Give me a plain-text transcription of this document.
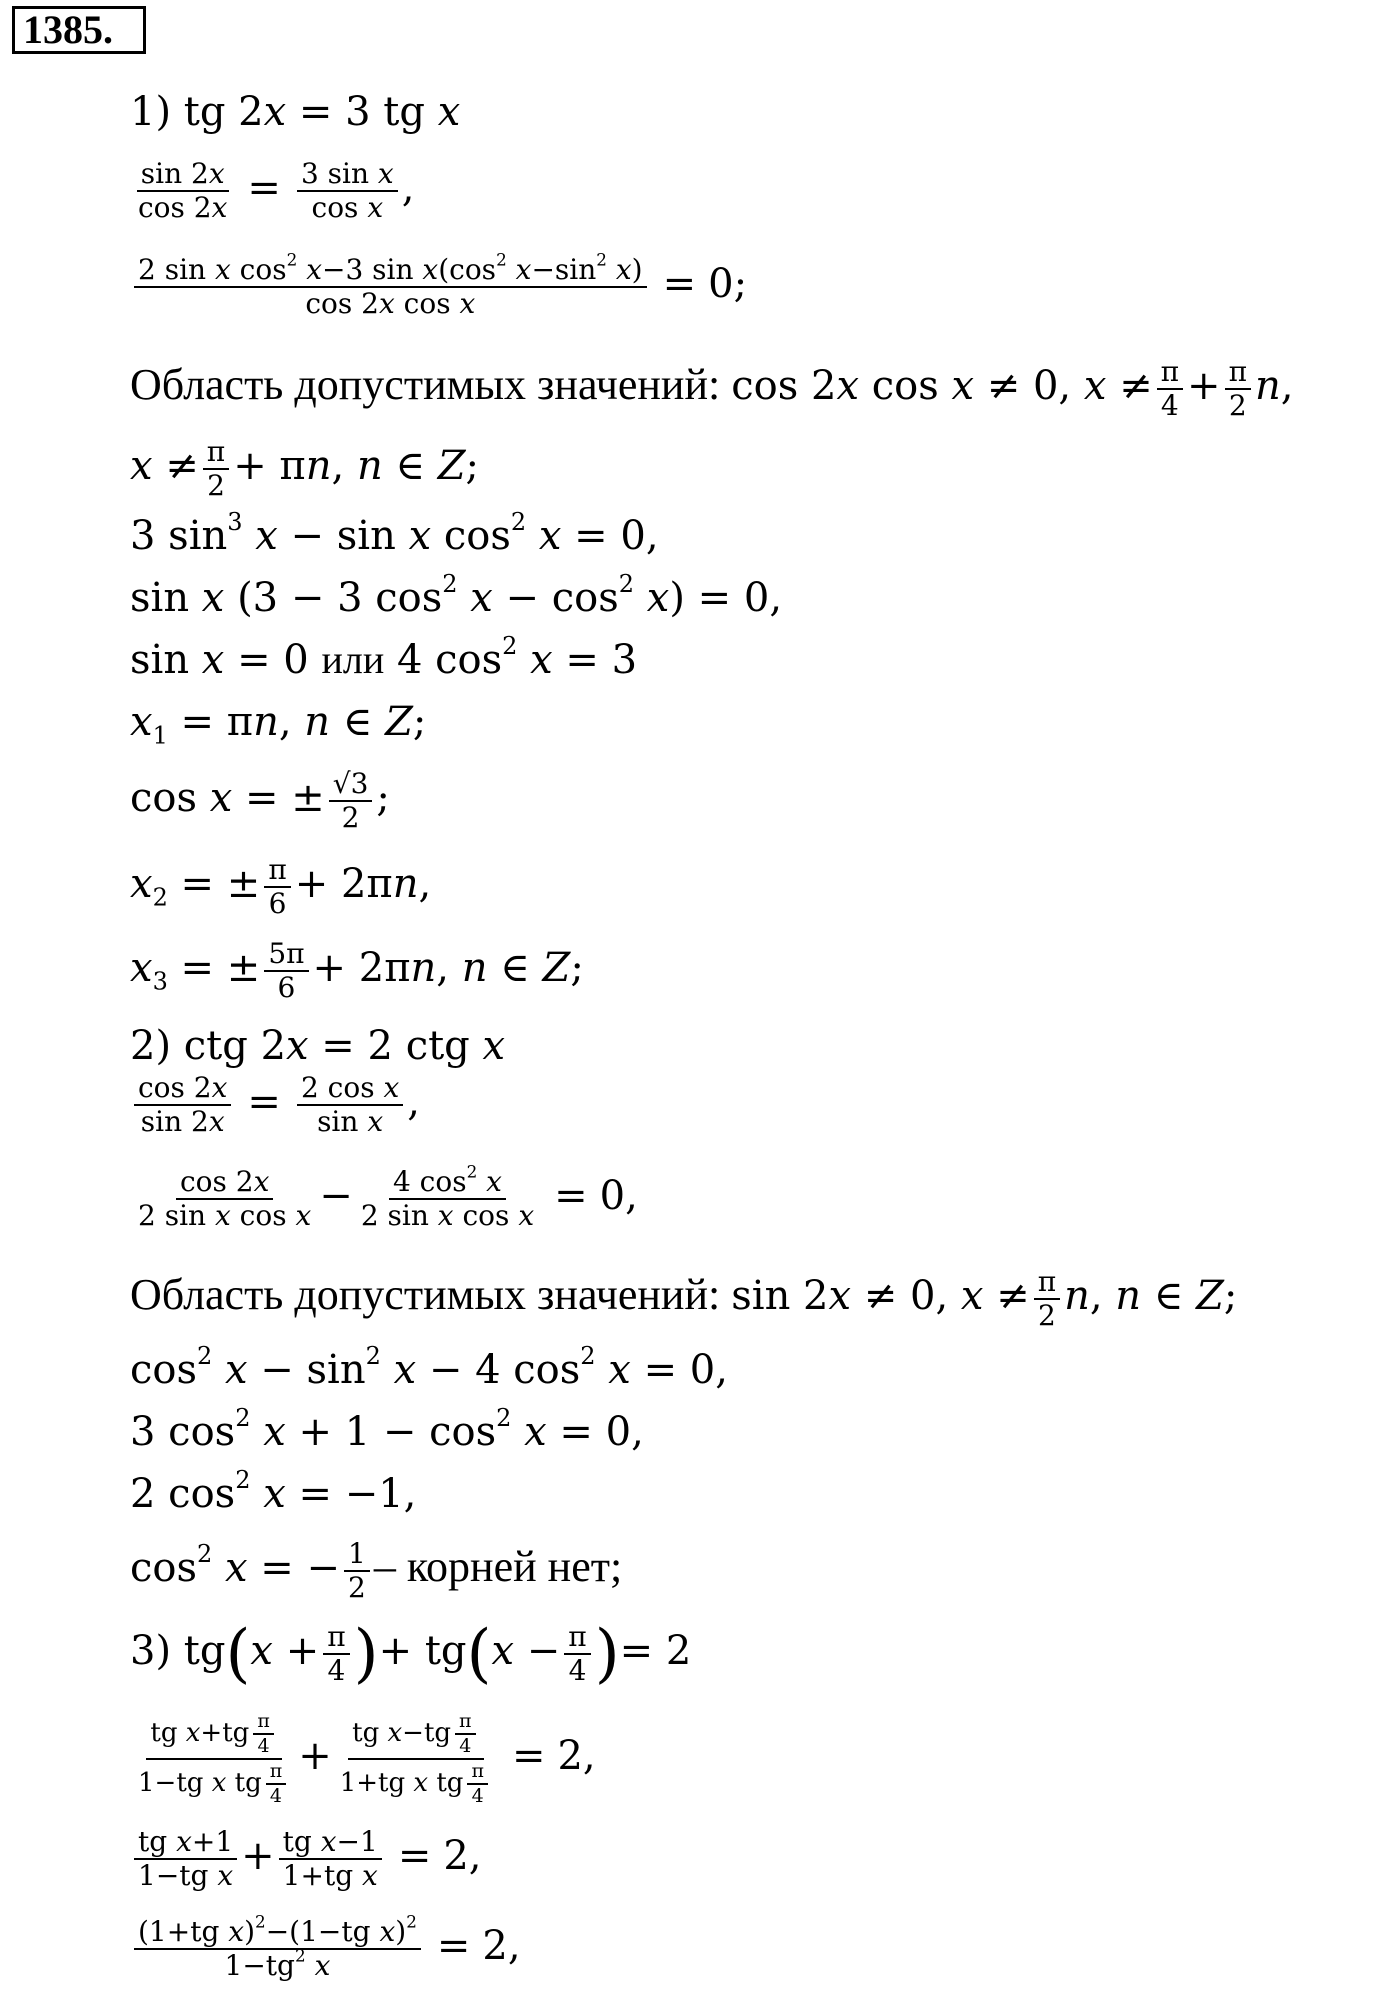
1385.
1) tg 2x = 3 tg x
$\frac{\sin 2x}{\cos 2x} = \frac{\text{3 sin x}}{\text{cos x}}$ ,
$\frac{2 \sin x \cos^2 x-3 \sin x(\cos^2 x-\sin^2 x)}{\text{cos 2x cos x}} = 0$;
Область допустимых значений: cos 2x cos x ≠ 0, $x \ne \frac{\pi}{4} + \frac{\pi}{2} n$,
$x \ne \frac{\pi}{2} + \pi n$, n ∈ Z;
3 $\sin^3 x - \sin x$ $\cos^2 x = 0$,
sin x (3 − 3 $\cos^2 x - \cos^2 x) = 0$,
sin x = 0 или 4 $\cos^2 x = 3$
$x_1 = \pi n$, n ∈ Z;
cos x = ± $\frac{√3}{2}$ ;
$x_2$ = ± $\frac{\pi}{6} + 2\pi n$,
$x_3$ = ± $\frac{5\pi}{6} + 2\pi n$, n ∈ Z;
2) ctg 2x = 2 ctg x
$\frac{\cos 2x}{\sin 2x} = \frac{\text{2 cos x}}{\text{sin x}}$ ,
$\frac{\cos 2x}{\text{2 sin x cos x}} - \frac{4 \cos^2 x}{\text{2 sin x cos x}} = 0$,
Область допустимых значений: sin 2x ≠ 0, $x \ne \frac{\pi}{2} n$, n ∈ Z;
$\cos^2 x - \sin^2 x - 4$ $\cos^2 x = 0$,
3 $\cos^2 x + 1 - \cos^2 x = 0$,
2 $\cos^2 x = -1$,
$\cos^2 x$ = − $\frac{1}{2}$ – корней нет;
3) $tg(x + \frac{\pi}{4}$ )+ $tg(x - \frac{\pi}{4}$ )= 2
tg $x+tg \frac{\pi}{4}$
1−tg x tg $\frac{\pi}{4}$
+
tg $x-tg \frac{\pi}{4}$
1+tg x tg $\frac{\pi}{4}$
= 2,
$\frac{\text{tg x+1}}{\text{1−tg x}} + \frac{\text{tg x−1}}{\text{1+tg x}} = 2$,
$\frac{(1+tg x)^2-(1-tg x)^2}{1-tg^2 x} = 2$,
